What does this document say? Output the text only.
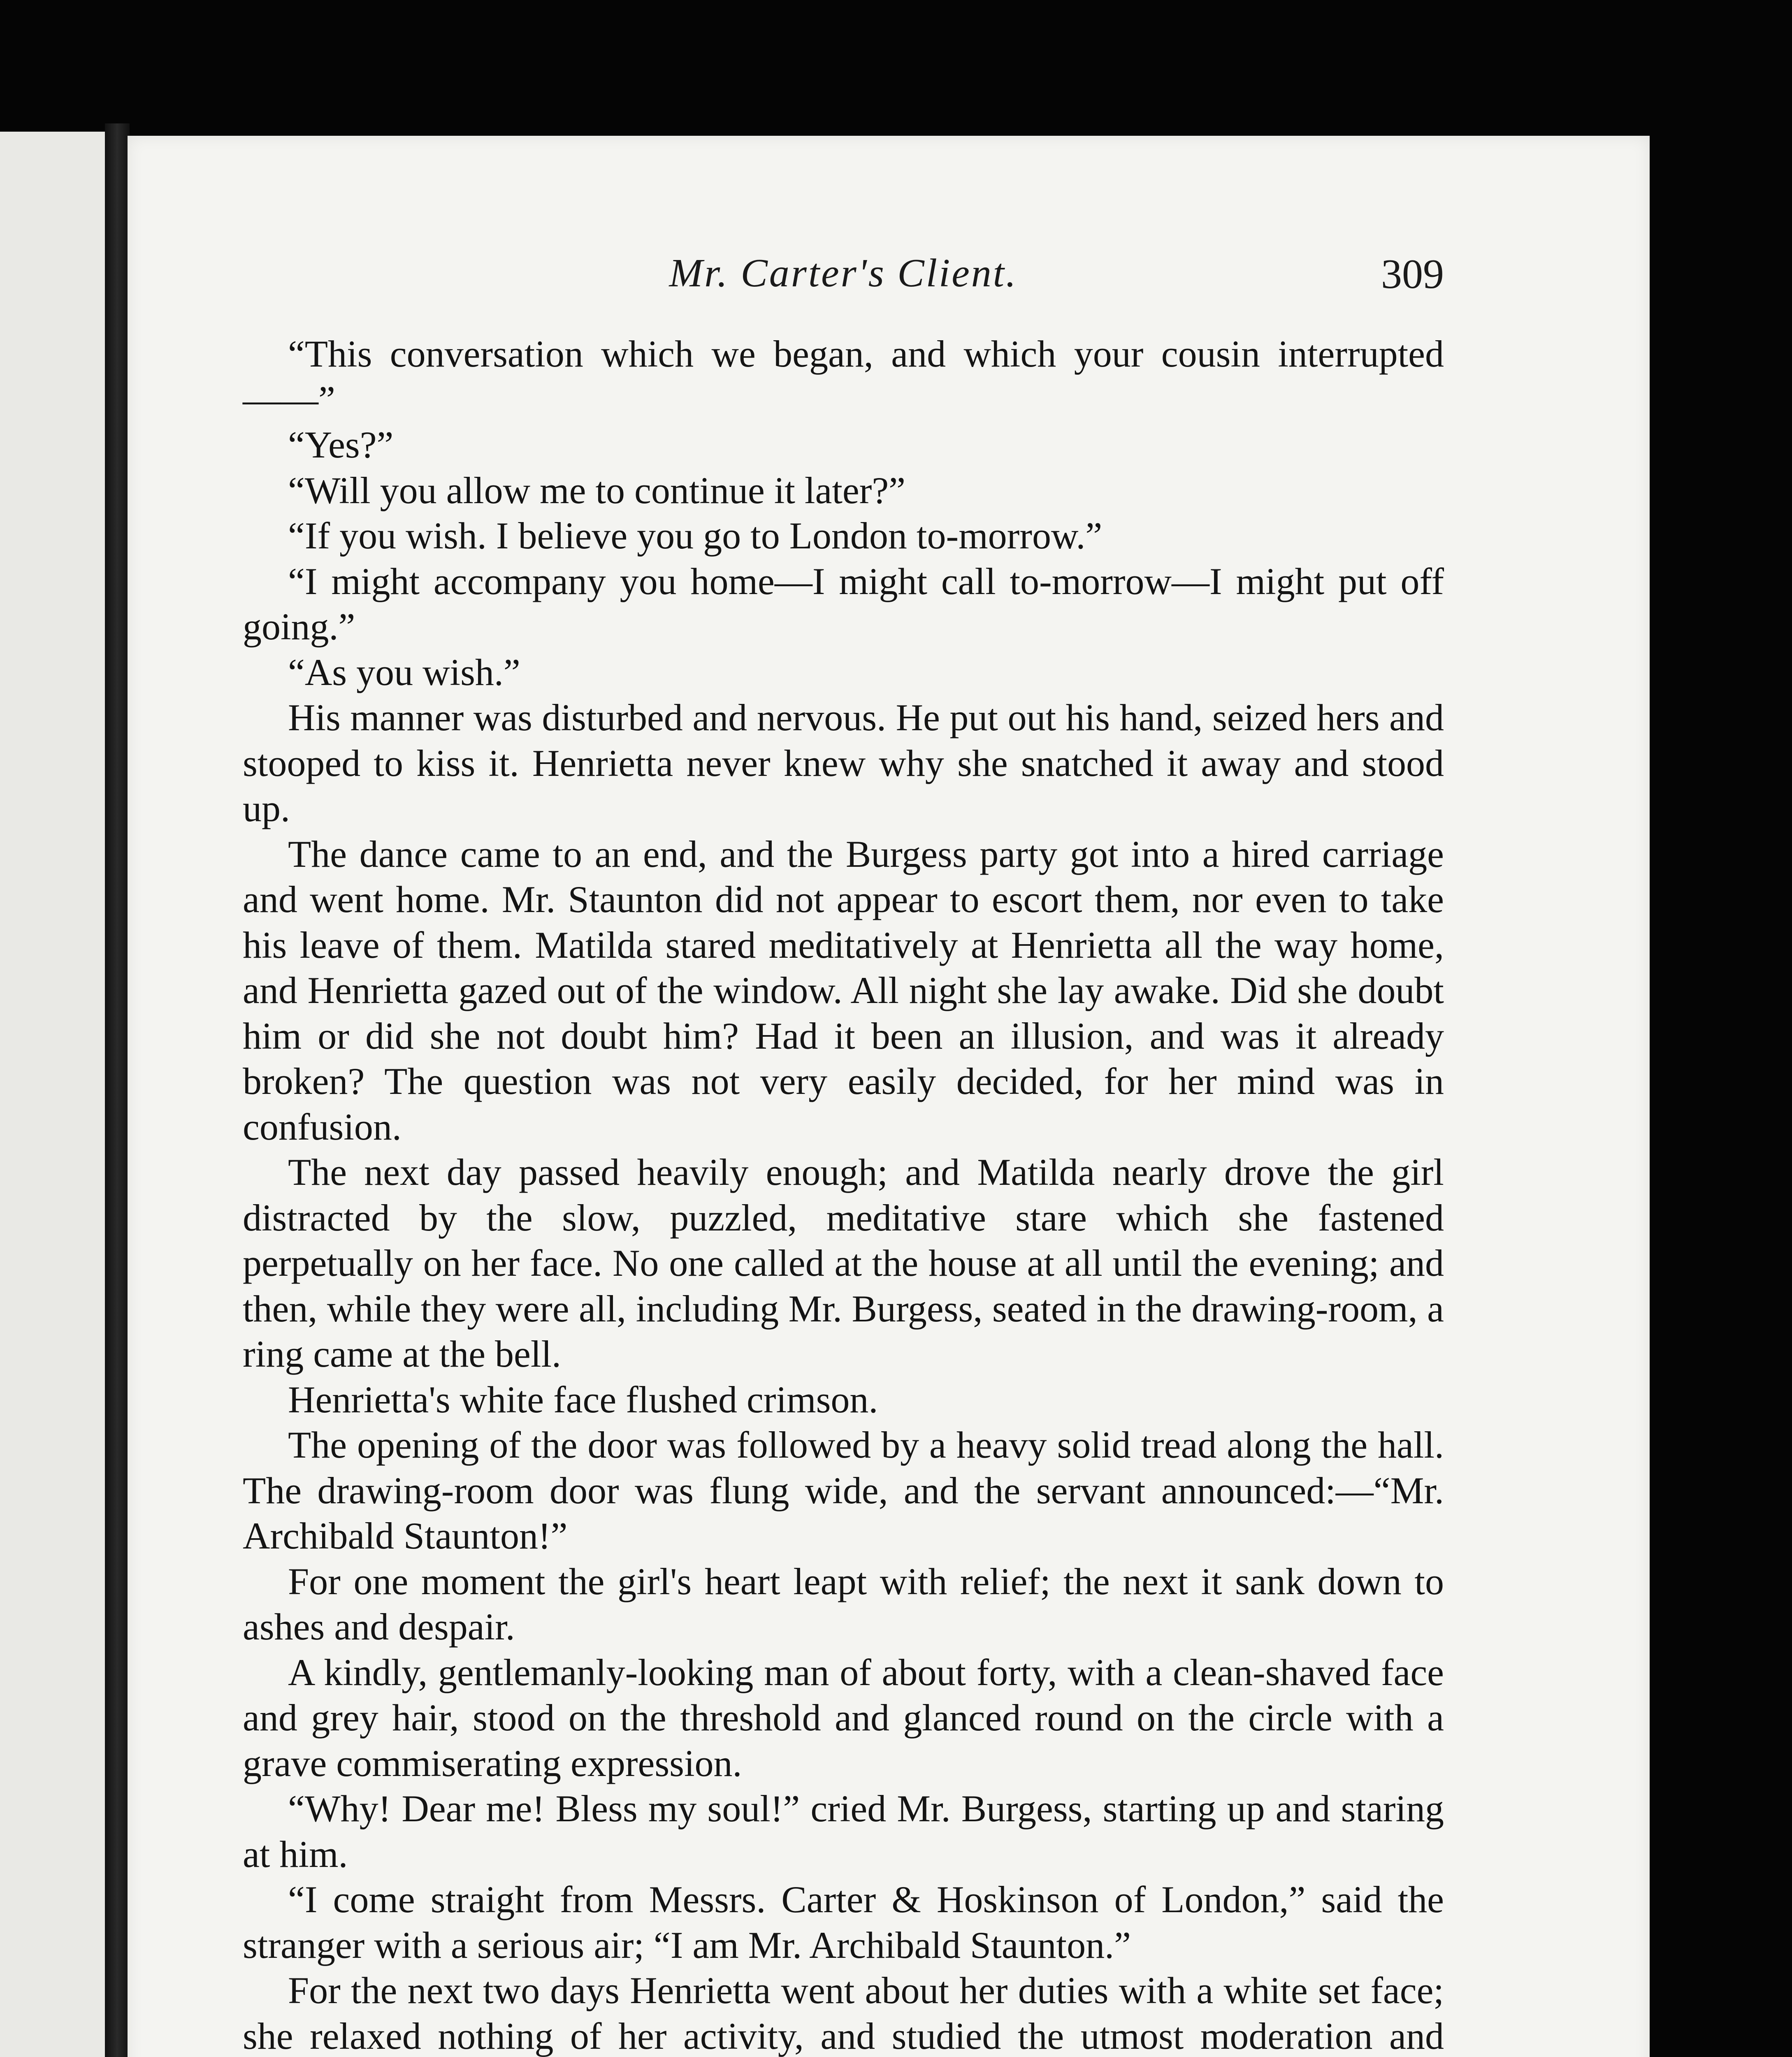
Mr. Carter's Client.	309

“This conversation which we began, and which your cousin interrupted——”

“Yes?”

“Will you allow me to continue it later?”

“If you wish. I believe you go to London to-morrow.”

“I might accompany you home—I might call to-morrow—I might put off going.”

“As you wish.”

His manner was disturbed and nervous. He put out his hand, seized hers and stooped to kiss it. Henrietta never knew why she snatched it away and stood up.

The dance came to an end, and the Burgess party got into a hired carriage and went home. Mr. Staunton did not appear to escort them, nor even to take his leave of them. Matilda stared meditatively at Henrietta all the way home, and Henrietta gazed out of the window. All night she lay awake. Did she doubt him or did she not doubt him? Had it been an illusion, and was it already broken? The question was not very easily decided, for her mind was in confusion.

The next day passed heavily enough; and Matilda nearly drove the girl distracted by the slow, puzzled, meditative stare which she fastened perpetually on her face. No one called at the house at all until the evening; and then, while they were all, including Mr. Burgess, seated in the drawing-room, a ring came at the bell.

Henrietta's white face flushed crimson.

The opening of the door was followed by a heavy solid tread along the hall. The drawing-room door was flung wide, and the servant announced:—“Mr. Archibald Staunton!”

For one moment the girl's heart leapt with relief; the next it sank down to ashes and despair.

A kindly, gentlemanly-looking man of about forty, with a clean-shaved face and grey hair, stood on the threshold and glanced round on the circle with a grave commiserating expression.

“Why! Dear me! Bless my soul!” cried Mr. Burgess, starting up and staring at him.

“I come straight from Messrs. Carter & Hoskinson of London,” said the stranger with a serious air; “I am Mr. Archibald Staunton.”

For the next two days Henrietta went about her duties with a white set face; she relaxed nothing of her activity, and studied the utmost moderation and
